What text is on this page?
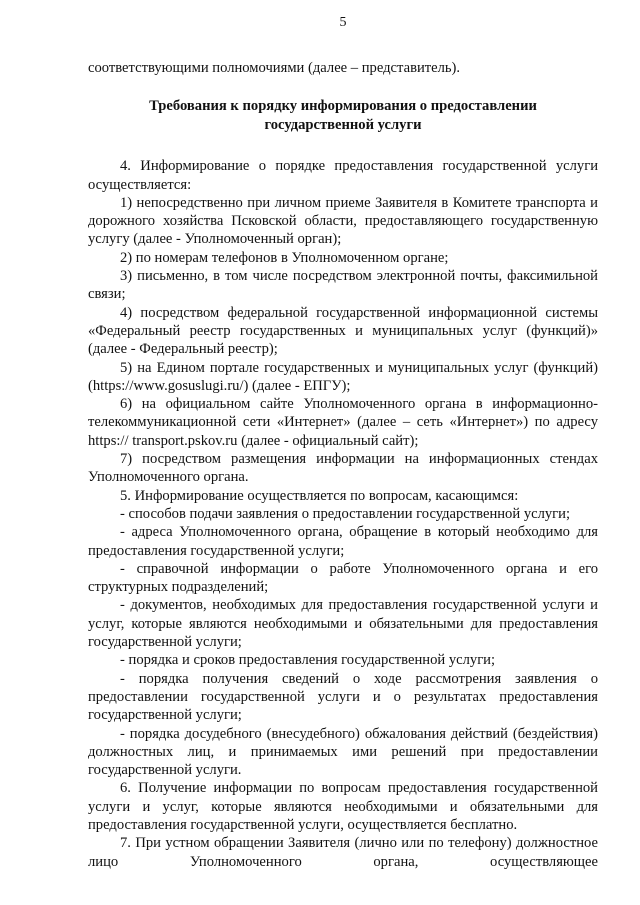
5

соответствующими полномочиями (далее – представитель).

Требования к порядку информирования о предоставлении
государственной услуги

4. Информирование о порядке предоставления государственной услуги осуществляется:

1) непосредственно при личном приеме Заявителя в Комитете транспорта и дорожного хозяйства Псковской области, предоставляющего государственную услугу (далее - Уполномоченный орган);

2) по номерам телефонов в Уполномоченном органе;

3) письменно, в том числе посредством электронной почты, факсимильной связи;

4) посредством федеральной государственной информационной системы «Федеральный реестр государственных и муниципальных услуг (функций)» (далее - Федеральный реестр);

5) на Едином портале государственных и муниципальных услуг (функций) (https://www.gosuslugi.ru/) (далее - ЕПГУ);

6) на официальном сайте Уполномоченного органа в информационно-телекоммуникационной сети «Интернет» (далее – сеть «Интернет») по адресу https:// transport.pskov.ru (далее - официальный сайт);

7) посредством размещения информации на информационных стендах Уполномоченного органа.

5. Информирование осуществляется по вопросам, касающимся:

- способов подачи заявления о предоставлении государственной услуги;

- адреса Уполномоченного органа, обращение в который необходимо для предоставления государственной услуги;

- справочной информации о работе Уполномоченного органа и его структурных подразделений;

- документов, необходимых для предоставления государственной услуги и услуг, которые являются необходимыми и обязательными для предоставления государственной услуги;

- порядка и сроков предоставления государственной услуги;

- порядка получения сведений о ходе рассмотрения заявления о предоставлении государственной услуги и о результатах предоставления государственной услуги;

- порядка досудебного (внесудебного) обжалования действий (бездействия) должностных лиц, и принимаемых ими решений при предоставлении государственной услуги.

6. Получение информации по вопросам предоставления государственной услуги и услуг, которые являются необходимыми и обязательными для предоставления государственной услуги, осуществляется бесплатно.

7. При устном обращении Заявителя (лично или по телефону) должностное лицо Уполномоченного органа, осуществляющее
